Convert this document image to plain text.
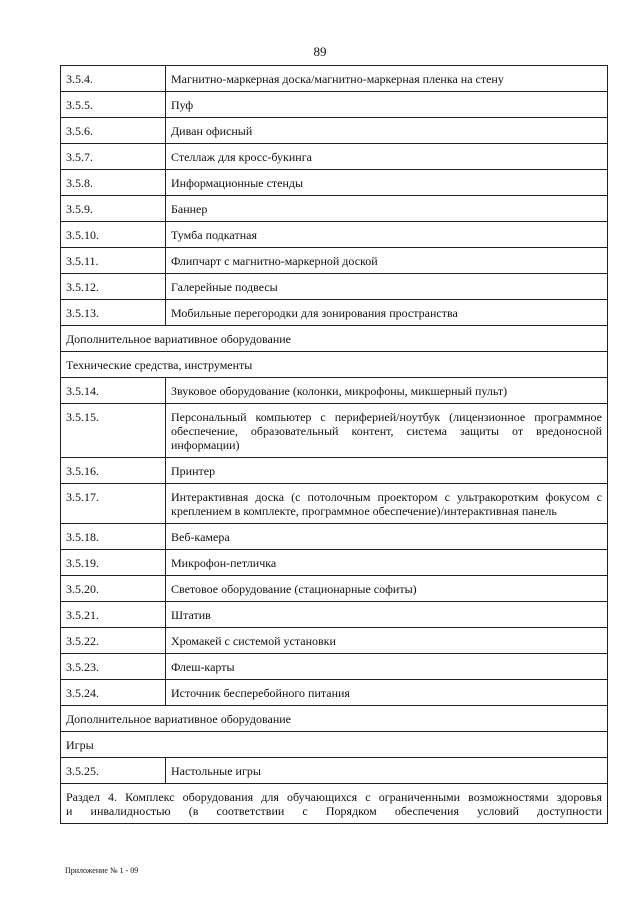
89
3.5.4.	Магнитно-маркерная доска/магнитно-маркерная пленка на стену
3.5.5.	Пуф
3.5.6.	Диван офисный
3.5.7.	Стеллаж для кросс-букинга
3.5.8.	Информационные стенды
3.5.9.	Баннер
3.5.10.	Тумба подкатная
3.5.11.	Флипчарт с магнитно-маркерной доской
3.5.12.	Галерейные подвесы
3.5.13.	Мобильные перегородки для зонирования пространства
Дополнительное вариативное оборудование	
Технические средства, инструменты	
3.5.14.	Звуковое оборудование (колонки, микрофоны, микшерный пульт)
3.5.15.	Персональный компьютер с периферией/ноутбук (лицензионное программное обеспечение, образовательный контент, система защиты от вредоносной информации)
3.5.16.	Принтер
3.5.17.	Интерактивная доска (с потолочным проектором с ультракоротким фокусом с креплением в комплекте, программное обеспечение)/интерактивная панель
3.5.18.	Веб-камера
3.5.19.	Микрофон-петличка
3.5.20.	Световое оборудование (стационарные софиты)
3.5.21.	Штатив
3.5.22.	Хромакей с системой установки
3.5.23.	Флеш-карты
3.5.24.	Источник бесперебойного питания
Дополнительное вариативное оборудование	
Игры	
3.5.25.	Настольные игры

Раздел 4. Комплекс оборудования для обучающихся с ограниченными возможностями здоровья
и инвалидностью (в соответствии с Порядком обеспечения условий доступности	
Приложение № 1 - 09
